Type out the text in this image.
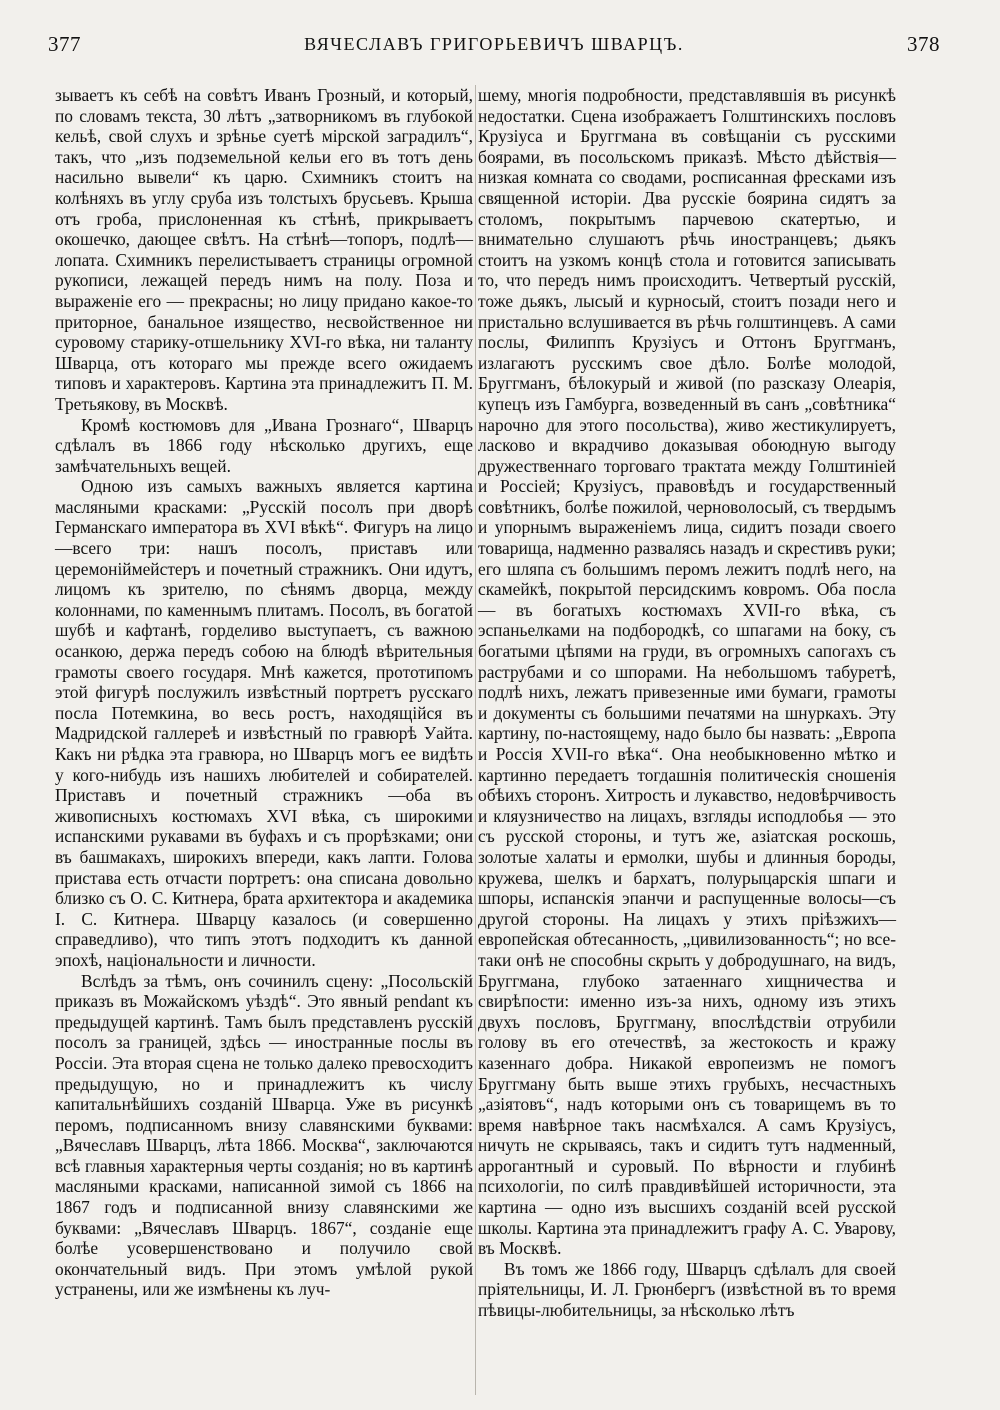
377	ВЯЧЕСЛАВЪ ГРИГОРЬЕВИЧЪ ШВАРЦЪ.	378

зываетъ къ себѣ на совѣтъ Иванъ Грозный, и который, по словамъ текста, 30 лѣтъ „затворникомъ въ глубокой кельѣ, свой слухъ и зрѣнье суетѣ мірской заградилъ“, такъ, что „изъ подземельной кельи его въ тотъ день насильно вывели“ къ царю. Схимникъ стоитъ на колѣняхъ въ углу сруба изъ толстыхъ брусьевъ. Крыша отъ гроба, прислоненная къ стѣнѣ, прикрываетъ окошечко, дающее свѣтъ. На стѣнѣ—топоръ, подлѣ—лопата. Схимникъ перелистываетъ страницы огромной рукописи, лежащей передъ нимъ на полу. Поза и выраженіе его — прекрасны; но лицу придано какое-то приторное, банальное изящество, несвойственное ни суровому старику-отшельнику XVI-го вѣка, ни таланту Шварца, отъ котораго мы прежде всего ожидаемъ типовъ и характеровъ. Картина эта принадлежитъ П. М. Третьякову, въ Москвѣ.

Кромѣ костюмовъ для „Ивана Грознаго“, Шварцъ сдѣлалъ въ 1866 году нѣсколько другихъ, еще замѣчательныхъ вещей.

Одною изъ самыхъ важныхъ является картина масляными красками: „Русскій посолъ при дворѣ Германскаго императора въ XVI вѣкѣ“. Фигуръ на лицо—всего три: нашъ посолъ, приставъ или церемоніймейстеръ и почетный стражникъ. Они идутъ, лицомъ къ зрителю, по сѣнямъ дворца, между колоннами, по каменнымъ плитамъ. Посолъ, въ богатой шубѣ и кафтанѣ, горделиво выступаетъ, съ важною осанкою, держа передъ собою на блюдѣ вѣрительныя грамоты своего государя. Мнѣ кажется, прототипомъ этой фигурѣ послужилъ извѣстный портретъ русскаго посла Потемкина, во весь ростъ, находящійся въ Мадридской галлереѣ и извѣстный по гравюрѣ Уайта. Какъ ни рѣдка эта гравюра, но Шварцъ могъ ее видѣть у кого-нибудь изъ нашихъ любителей и собирателей. Приставъ и почетный стражникъ —оба въ живописныхъ костюмахъ XVI вѣка, съ широкими испанскими рукавами въ буфахъ и съ прорѣзками; они въ башмакахъ, широкихъ впереди, какъ лапти. Голова пристава есть отчасти портретъ: она списана довольно близко съ О. С. Китнера, брата архитектора и академика І. С. Китнера. Шварцу казалось (и совершенно справедливо), что типъ этотъ подходитъ къ данной эпохѣ, національности и личности.

Вслѣдъ за тѣмъ, онъ сочинилъ сцену: „Посольскій приказъ въ Можайскомъ уѣздѣ“. Это явный pendant къ предыдущей картинѣ. Тамъ былъ представленъ русскій посолъ за границей, здѣсь — иностранные послы въ Россіи. Эта вторая сцена не только далеко превосходитъ предыдущую, но и принадлежитъ къ числу капитальнѣйшихъ созданій Шварца. Уже въ рисункѣ перомъ, подписанномъ внизу славянскими буквами: „Вячеславъ Шварцъ, лѣта 1866. Москва“, заключаются всѣ главныя характерныя черты созданія; но въ картинѣ масляными красками, написанной зимой съ 1866 на 1867 годъ и подписанной внизу славянскими же буквами: „Вячеславъ Шварцъ. 1867“, созданіе еще болѣе усовершенствовано и получило свой окончательный видъ. При этомъ умѣлой рукой устранены, или же измѣнены къ луч-

шему, многія подробности, представлявшія въ рисункѣ недостатки. Сцена изображаетъ Голштинскихъ пословъ Крузіуса и Бруггмана въ совѣщаніи съ русскими боярами, въ посольскомъ приказѣ. Мѣсто дѣйствія—низкая комната со сводами, росписанная фресками изъ священной исторіи. Два русскіе боярина сидятъ за столомъ, покрытымъ парчевою скатертью, и внимательно слушаютъ рѣчь иностранцевъ; дьякъ стоитъ на узкомъ концѣ стола и готовится записывать то, что передъ нимъ происходитъ. Четвертый русскій, тоже дьякъ, лысый и курносый, стоитъ позади него и пристально вслушивается въ рѣчь голштинцевъ. А сами послы, Филиппъ Крузіусъ и Оттонъ Бруггманъ, излагаютъ русскимъ свое дѣло. Болѣе молодой, Бруггманъ, бѣлокурый и живой (по разсказу Олеарія, купецъ изъ Гамбурга, возведенный въ санъ „совѣтника“ нарочно для этого посольства), живо жестикулируетъ, ласково и вкрадчиво доказывая обоюдную выгоду дружественнаго торговаго трактата между Голштиніей и Россіей; Крузіусъ, правовѣдъ и государственный совѣтникъ, болѣе пожилой, черноволосый, съ твердымъ и упорнымъ выраженіемъ лица, сидитъ позади своего товарища, надменно развалясь назадъ и скрестивъ руки; его шляпа съ большимъ перомъ лежитъ подлѣ него, на скамейкѣ, покрытой персидскимъ ковромъ. Оба посла — въ богатыхъ костюмахъ XVII-го вѣка, съ эспаньелками на подбородкѣ, со шпагами на боку, съ богатыми цѣпями на груди, въ огромныхъ сапогахъ съ раструбами и со шпорами. На небольшомъ табуретѣ, подлѣ нихъ, лежатъ привезенные ими бумаги, грамоты и документы съ большими печатями на шнуркахъ. Эту картину, по-настоящему, надо было бы назвать: „Европа и Россія XVII-го вѣка“. Она необыкновенно мѣтко и картинно передаетъ тогдашнія политическія сношенія обѣихъ сторонъ. Хитрость и лукавство, недовѣрчивость и кляузничество на лицахъ, взгляды исподлобья — это съ русской стороны, и тутъ же, азіатская роскошь, золотые халаты и ермолки, шубы и длинныя бороды, кружева, шелкъ и бархатъ, полурыцарскія шпаги и шпоры, испанскія эпанчи и распущенные волосы—съ другой стороны. На лицахъ у этихъ пріѣзжихъ—европейская обтесанность, „цивилизованность“; но все-таки онѣ не способны скрыть у добродушнаго, на видъ, Бруггмана, глубоко затаеннаго хищничества и свирѣпости: именно изъ-за нихъ, одному изъ этихъ двухъ пословъ, Бруггману, впослѣдствіи отрубили голову въ его отечествѣ, за жестокость и кражу казеннаго добра. Никакой европеизмъ не помогъ Бруггману быть выше этихъ грубыхъ, несчастныхъ „азіятовъ“, надъ которыми онъ съ товарищемъ въ то время навѣрное такъ насмѣхался. А самъ Крузіусъ, ничуть не скрываясь, такъ и сидитъ тутъ надменный, аррогантный и суровый. По вѣрности и глубинѣ психологіи, по силѣ правдивѣйшей историчности, эта картина — одно изъ высшихъ созданій всей русской школы. Картина эта принадлежитъ графу А. С. Уварову, въ Москвѣ.

Въ томъ же 1866 году, Шварцъ сдѣлалъ для своей пріятельницы, И. Л. Грюнбергъ (извѣстной въ то время пѣвицы-любительницы, за нѣсколько лѣтъ
